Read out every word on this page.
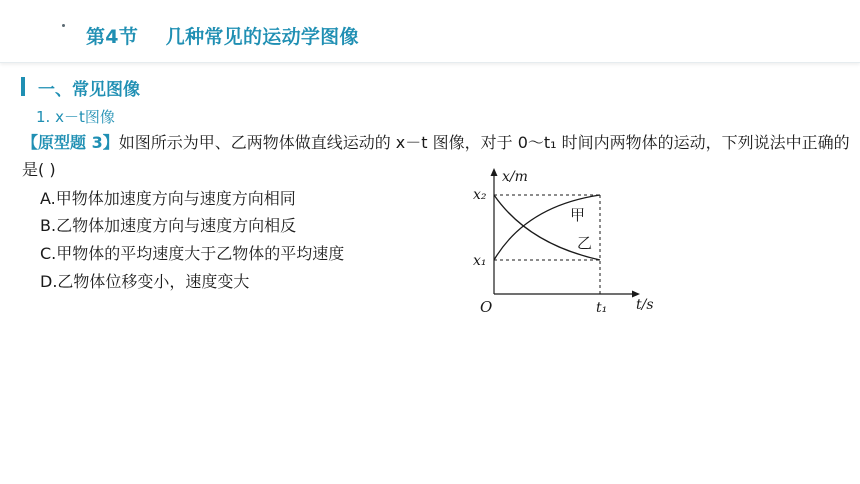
第4节    几种常见的运动学图像
一、常见图像
1. x－t图像
【原型题 3】如图所示为甲、乙两物体做直线运动的 x－t 图像，对于 0～t₁ 时间内两物体的运动，下列说法中正确的是( )
A.甲物体加速度方向与速度方向相同
B.乙物体加速度方向与速度方向相反
C.甲物体的平均速度大于乙物体的平均速度
D.乙物体位移变小，速度变大
x/m
t/s
O
x₂
x₁
t₁
甲
乙
